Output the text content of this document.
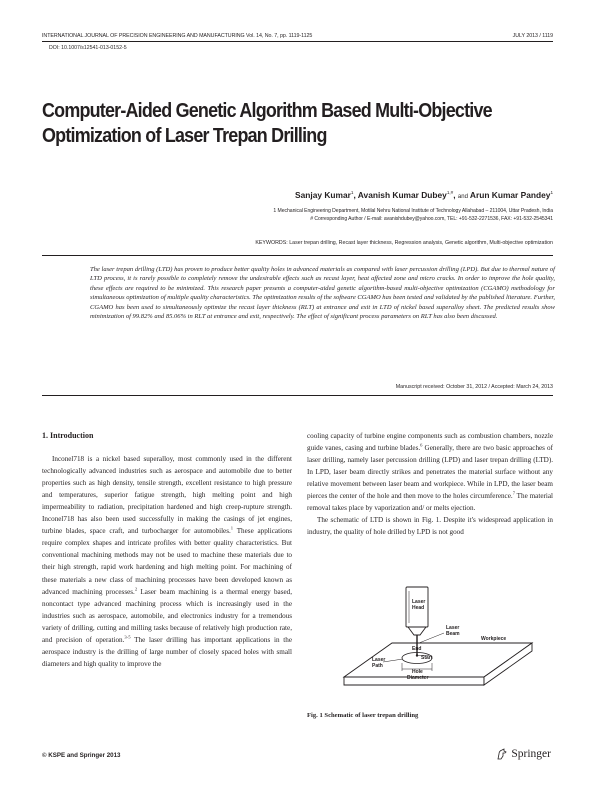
INTERNATIONAL JOURNAL OF PRECISION ENGINEERING AND MANUFACTURING Vol. 14, No. 7, pp. 1119-1125	JULY 2013 / 1119
DOI: 10.1007/s12541-013-0152-5
Computer-Aided Genetic Algorithm Based Multi-Objective
Optimization of Laser Trepan Drilling
Sanjay Kumar$^1$, Avanish Kumar Dubey$^{1,\#}$, and Arun Kumar Pandey$^1$
1 Mechanical Engineering Department, Motilal Nehru National Institute of Technology Allahabad – 211004, Uttar Pradesh, India
# Corresponding Author / E-mail: avanishdubey@yahoo.com, TEL: +91-532-2271536, FAX: +91-532-2545341
KEYWORDS: Laser trepan drilling, Recast layer thickness, Regression analysis, Genetic algorithm, Multi-objective optimization
The laser trepan drilling (LTD) has proven to produce better quality holes in advanced materials as compared with laser percussion drilling (LPD). But due to thermal nature of LTD process, it is rarely possible to completely remove the undesirable effects such as recast layer, heat affected zone and micro cracks. In order to improve the hole quality, these effects are required to be minimized. This research paper presents a computer-aided genetic algorithm-based multi-objective optimization (CGAMO) methodology for simultaneous optimization of multiple quality characteristics. The optimization results of the software CGAMO has been tested and validated by the published literature. Further, CGAMO has been used to simultaneously optimize the recast layer thickness (RLT) at entrance and exit in LTD of nickel based superalloy sheet. The predicted results show minimization of 99.82% and 85.06% in RLT at entrance and exit, respectively. The effect of significant process parameters on RLT has also been discussed.
Manuscript received: October 31, 2012 / Accepted: March 24, 2013
1. Introduction

Inconel718 is a nickel based superalloy, most commonly used in the different technologically advanced industries such as aerospace and automobile due to better properties such as high density, tensile strength, excellent resistance to high pressure and temperatures, superior fatigue strength, high melting point and high impermeability to radiation, precipitation hardened and high creep-rupture strength. Inconel718 has also been used successfully in making the casings of jet engines, turbine blades, space craft, and turbocharger for automobiles.$^1$ These applications require complex shapes and intricate profiles with better quality characteristics. But conventional machining methods may not be used to machine these materials due to their high strength, rapid work hardening and high melting point. For machining of these materials a new class of machining processes have been developed known as advanced machining processes.$^2$ Laser beam machining is a thermal energy based, noncontact type advanced machining process which is increasingly used in the industries such as aerospace, automobile, and electronics industry for a tremendous variety of drilling, cutting and milling tasks because of relatively high production rate, and precision of operation.$^{3-5}$ The laser drilling has important applications in the aerospace industry is the drilling of large number of closely spaced holes with small diameters and high quality to improve the

cooling capacity of turbine engine components such as combustion chambers, nozzle guide vanes, casing and turbine blades.$^6$ Generally, there are two basic approaches of laser drilling, namely laser percussion drilling (LPD) and laser trepan drilling (LTD). In LPD, laser beam directly strikes and penetrates the material surface without any relative movement between laser beam and workpiece. While in LPD, the laser beam pierces the center of the hole and then move to the holes circumference.$^7$ The material removal takes place by vaporization and/ or melts ejection.

The schematic of LTD is shown in Fig. 1. Despite it's widespread application in industry, the quality of hole drilled by LPD is not good

Laser
Head
Laser
Beam
Workpiece
End
Start
Laser
Path
Hole
Diameter
Fig. 1 Schematic of laser trepan drilling
© KSPE and Springer 2013	Springer
